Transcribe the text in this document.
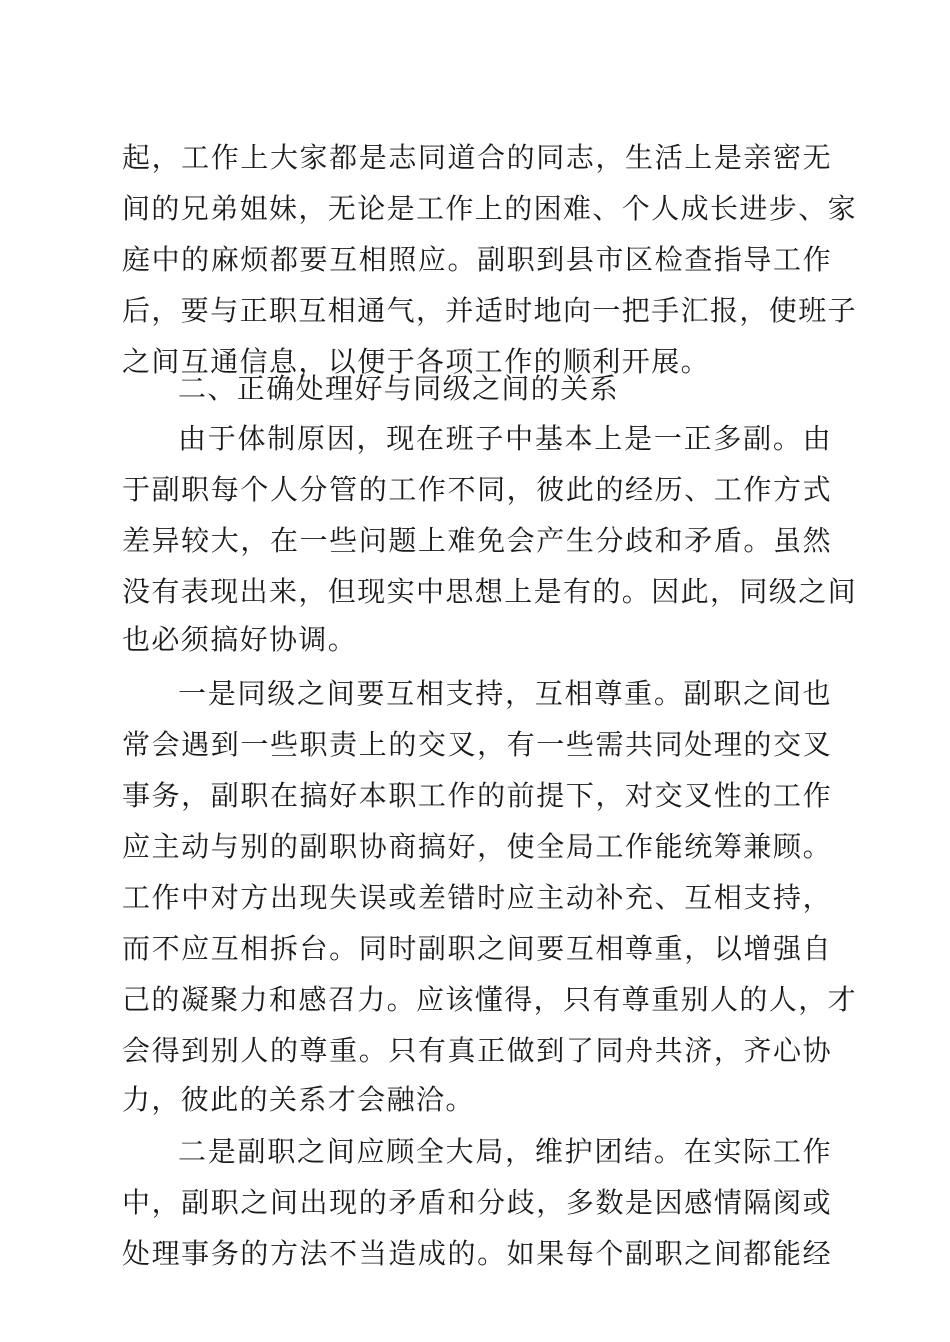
起，工作上大家都是志同道合的同志，生活上是亲密无
间的兄弟姐妹，无论是工作上的困难、个人成长进步、家
庭中的麻烦都要互相照应。副职到县市区检查指导工作
后，要与正职互相通气，并适时地向一把手汇报，使班子
之间互通信息，以便于各项工作的顺利开展。
二、正确处理好与同级之间的关系
由于体制原因，现在班子中基本上是一正多副。由
于副职每个人分管的工作不同，彼此的经历、工作方式
差异较大，在一些问题上难免会产生分歧和矛盾。虽然
没有表现出来，但现实中思想上是有的。因此，同级之间
也必须搞好协调。
一是同级之间要互相支持，互相尊重。副职之间也
常会遇到一些职责上的交叉，有一些需共同处理的交叉
事务，副职在搞好本职工作的前提下，对交叉性的工作
应主动与别的副职协商搞好，使全局工作能统筹兼顾。
工作中对方出现失误或差错时应主动补充、互相支持，
而不应互相拆台。同时副职之间要互相尊重，以增强自
己的凝聚力和感召力。应该懂得，只有尊重别人的人，才
会得到别人的尊重。只有真正做到了同舟共济，齐心协
力，彼此的关系才会融洽。
二是副职之间应顾全大局，维护团结。在实际工作
中，副职之间出现的矛盾和分歧，多数是因感情隔阂或
处理事务的方法不当造成的。如果每个副职之间都能经
